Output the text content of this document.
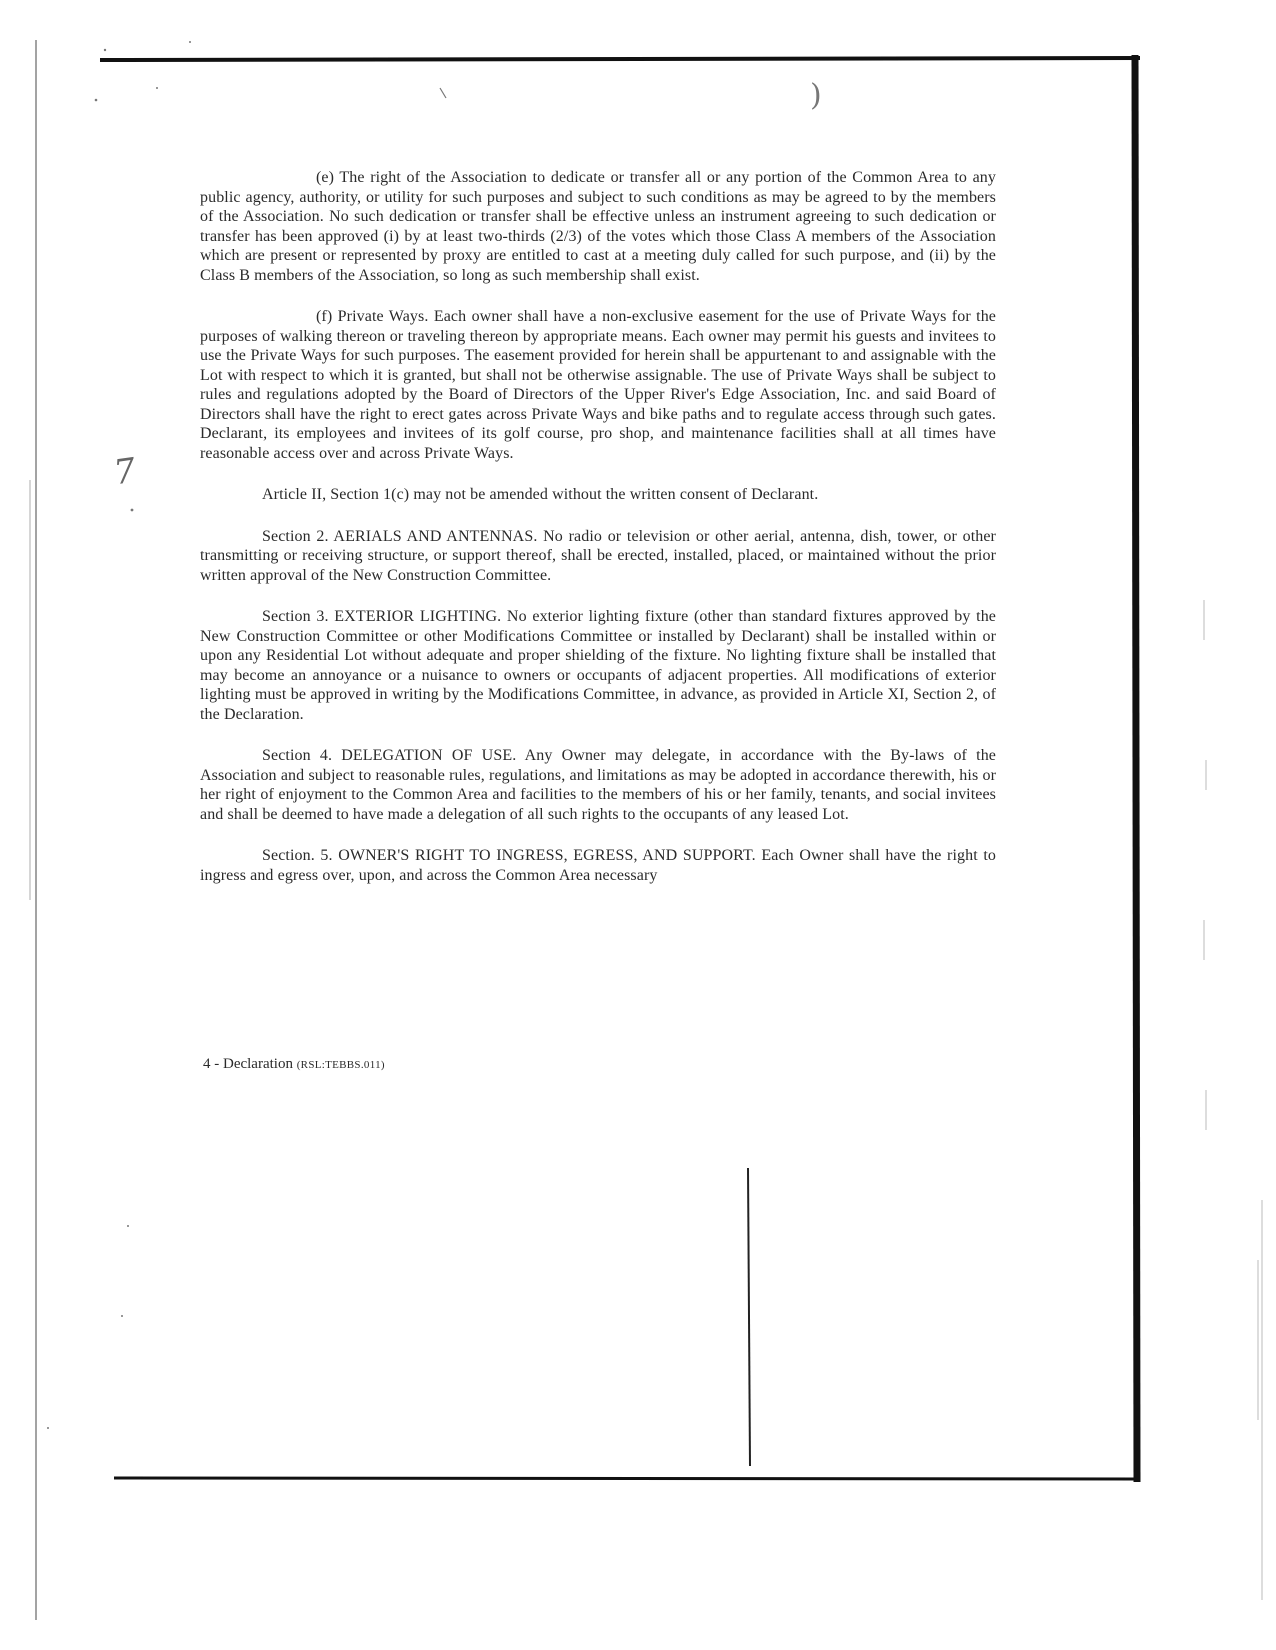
7
)

(e) The right of the Association to dedicate or transfer all or any portion of the Common Area to any public agency, authority, or utility for such purposes and subject to such conditions as may be agreed to by the members of the Association. No such dedication or transfer shall be effective unless an instrument agreeing to such dedication or transfer has been approved (i) by at least two-thirds (2/3) of the votes which those Class A members of the Association which are present or represented by proxy are entitled to cast at a meeting duly called for such purpose, and (ii) by the Class B members of the Association, so long as such membership shall exist.

(f) Private Ways. Each owner shall have a non-exclusive easement for the use of Private Ways for the purposes of walking thereon or traveling thereon by appropriate means. Each owner may permit his guests and invitees to use the Private Ways for such purposes. The easement provided for herein shall be appurtenant to and assignable with the Lot with respect to which it is granted, but shall not be otherwise assignable. The use of Private Ways shall be subject to rules and regulations adopted by the Board of Directors of the Upper River's Edge Association, Inc. and said Board of Directors shall have the right to erect gates across Private Ways and bike paths and to regulate access through such gates. Declarant, its employees and invitees of its golf course, pro shop, and maintenance facilities shall at all times have reasonable access over and across Private Ways.

Article II, Section 1(c) may not be amended without the written consent of Declarant.

Section 2. AERIALS AND ANTENNAS. No radio or television or other aerial, antenna, dish, tower, or other transmitting or receiving structure, or support thereof, shall be erected, installed, placed, or maintained without the prior written approval of the New Construction Committee.

Section 3. EXTERIOR LIGHTING. No exterior lighting fixture (other than standard fixtures approved by the New Construction Committee or other Modifications Committee or installed by Declarant) shall be installed within or upon any Residential Lot without adequate and proper shielding of the fixture. No lighting fixture shall be installed that may become an annoyance or a nuisance to owners or occupants of adjacent properties. All modifications of exterior lighting must be approved in writing by the Modifications Committee, in advance, as provided in Article XI, Section 2, of the Declaration.

Section 4. DELEGATION OF USE. Any Owner may delegate, in accordance with the By-laws of the Association and subject to reasonable rules, regulations, and limitations as may be adopted in accordance therewith, his or her right of enjoyment to the Common Area and facilities to the members of his or her family, tenants, and social invitees and shall be deemed to have made a delegation of all such rights to the occupants of any leased Lot.

Section. 5. OWNER'S RIGHT TO INGRESS, EGRESS, AND SUPPORT. Each Owner shall have the right to ingress and egress over, upon, and across the Common Area necessary

4 - Declaration (RSL:TEBBS.011)
